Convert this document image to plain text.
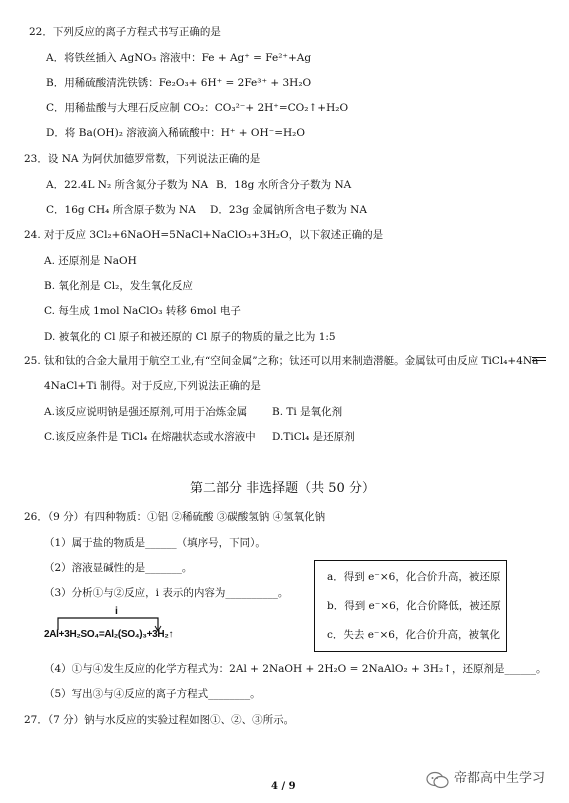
22．下列反应的离子方程式书写正确的是
A．将铁丝插入 AgNO₃ 溶液中：Fe + Ag⁺ = Fe²⁺+Ag
B．用稀硫酸清洗铁锈：Fe₂O₃+ 6H⁺ = 2Fe³⁺ + 3H₂O
C．用稀盐酸与大理石反应制 CO₂：CO₃²⁻+ 2H⁺=CO₂↑+H₂O
D．将 Ba(OH)₂ 溶液滴入稀硫酸中：H⁺ + OH⁻=H₂O
23．设 NA 为阿伏加德罗常数，下列说法正确的是
A．22.4L N₂ 所含氮分子数为 NA B．18g 水所含分子数为 NA
C．16g CH₄ 所含原子数为 NA D．23g 金属钠所含电子数为 NA
24. 对于反应 3Cl₂+6NaOH=5NaCl+NaClO₃+3H₂O，以下叙述正确的是
A. 还原剂是 NaOH
B. 氧化剂是 Cl₂，发生氧化反应
C. 每生成 1mol NaClO₃ 转移 6mol 电子
D. 被氧化的 Cl 原子和被还原的 Cl 原子的物质的量之比为 1:5
25. 钛和钛的合金大量用于航空工业,有“空间金属”之称；钛还可以用来制造潜艇。金属钛可由反应 TiCl₄+4Na
4NaCl+Ti 制得。对于反应,下列说法正确的是
A.该反应说明钠是强还原剂,可用于冶炼金属 B. Ti 是氧化剂
C.该反应条件是 TiCl₄ 在熔融状态或水溶液中 D.TiCl₄ 是还原剂
第二部分 非选择题（共 50 分）
26．（9 分）有四种物质：①铝 ②稀硫酸 ③碳酸氢钠 ④氢氧化钠
（1）属于盐的物质是______（填序号，下同）。
（2）溶液显碱性的是_______。
（3）分析①与②反应，i 表示的内容为__________。
i
2Al+3H₂SO₄=Al₂(SO₄)₃+3H₂↑
a．得到 e⁻×6，化合价升高，被还原
b．得到 e⁻×6，化合价降低，被还原
c．失去 e⁻×6，化合价升高，被氧化
（4）①与④发生反应的化学方程式为：2Al + 2NaOH + 2H₂O = 2NaAlO₂ + 3H₂↑，还原剂是______。
（5）写出③与④反应的离子方程式________。
27．（7 分）钠与水反应的实验过程如图①、②、③所示。
4 / 9
帝都高中生学习
